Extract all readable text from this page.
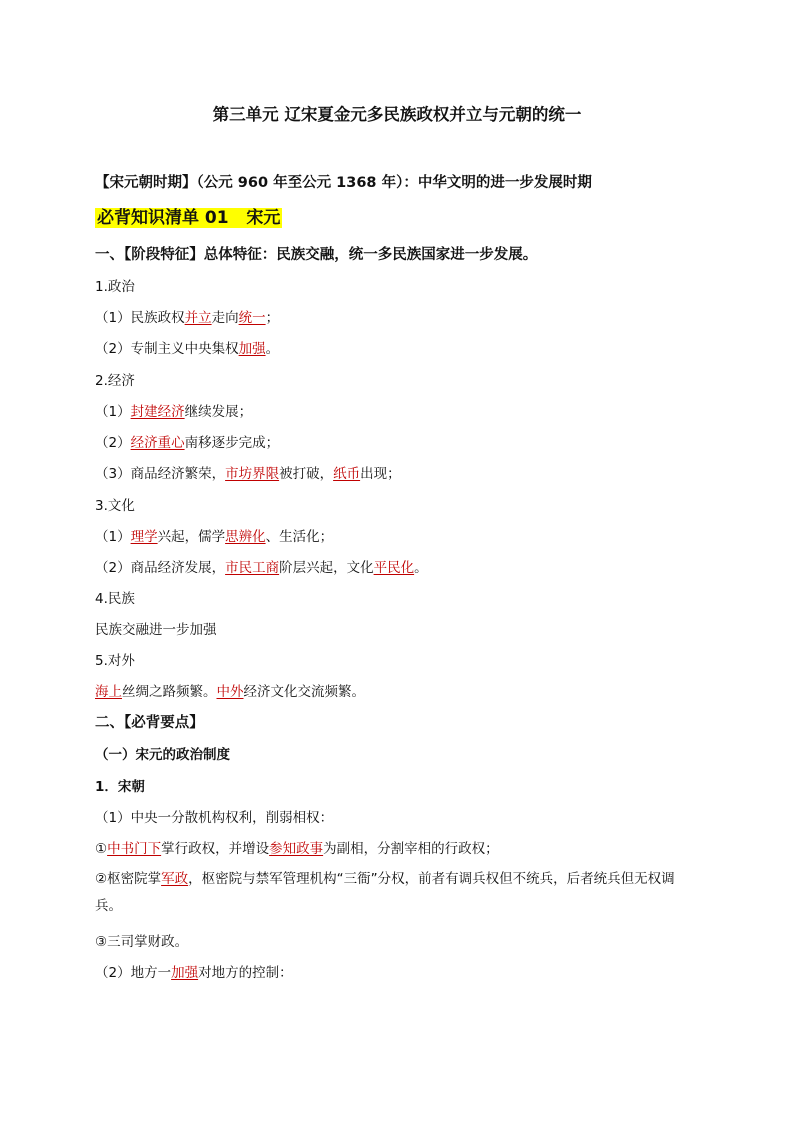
第三单元 辽宋夏金元多民族政权并立与元朝的统一
【宋元朝时期】（公元 960 年至公元 1368 年）：中华文明的进一步发展时期
必背知识清单 01 宋元
一、【阶段特征】总体特征：民族交融，统一多民族国家进一步发展。
1.政治
（1）民族政权并立走向统一；
（2）专制主义中央集权加强。
2.经济
（1）封建经济继续发展；
（2）经济重心南移逐步完成；
（3）商品经济繁荣，市坊界限被打破，纸币出现；
3.文化
（1）理学兴起，儒学思辨化、生活化；
（2）商品经济发展，市民工商阶层兴起，文化平民化。
4.民族
民族交融进一步加强
5.对外
海上丝绸之路频繁。中外经济文化交流频繁。
二、【必背要点】
（一）宋元的政治制度
1．宋朝
（1）中央一分散机构权利，削弱相权：
①中书门下掌行政权，并增设参知政事为副相，分割宰相的行政权；
②枢密院掌军政，枢密院与禁军管理机构“三衙”分权，前者有调兵权但不统兵，后者统兵但无权调兵。
③三司掌财政。
（2）地方一加强对地方的控制：
